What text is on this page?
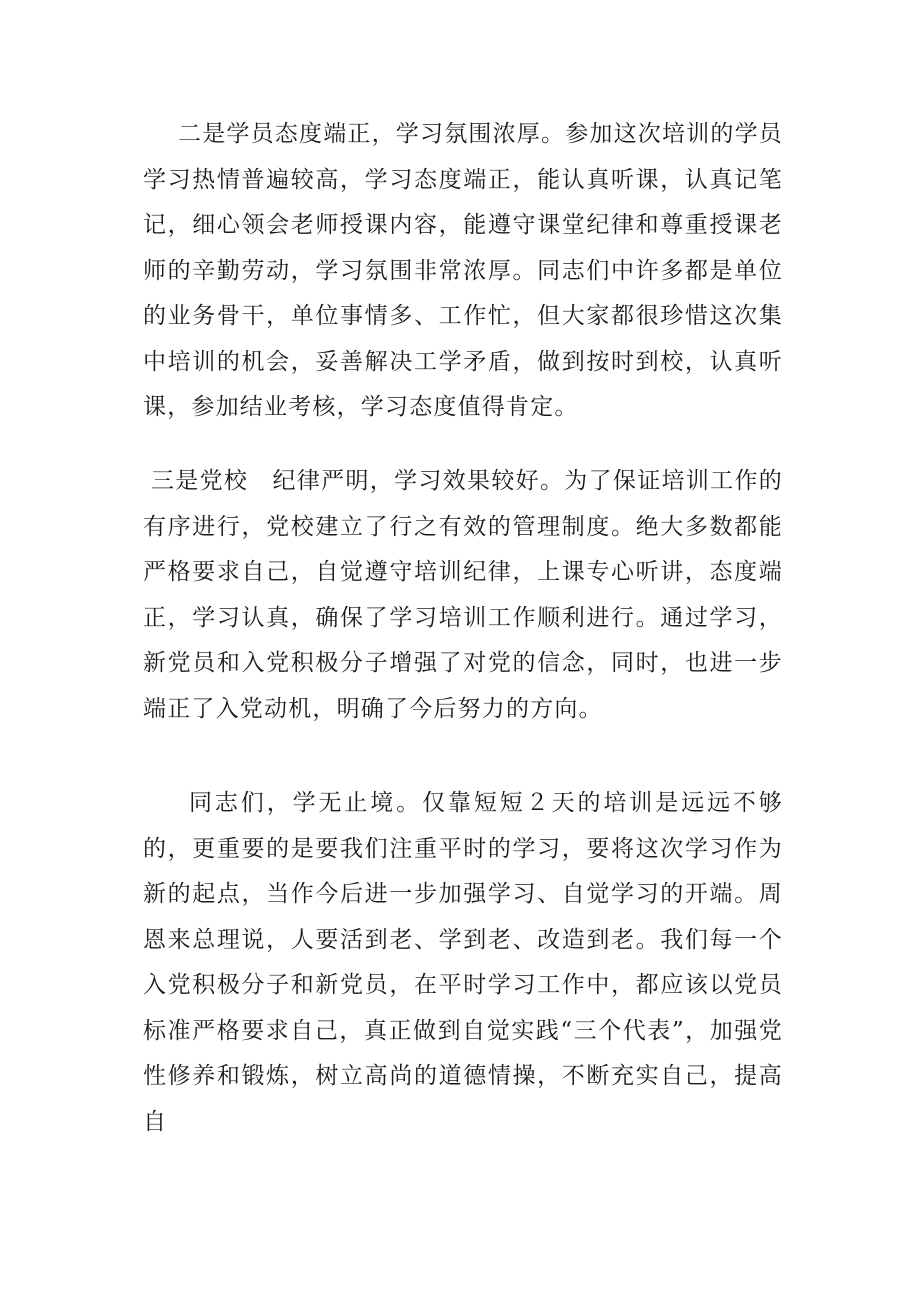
二是学员态度端正，学习氛围浓厚。参加这次培训的学员学习热情普遍较高，学习态度端正，能认真听课，认真记笔记，细心领会老师授课内容，能遵守课堂纪律和尊重授课老师的辛勤劳动，学习氛围非常浓厚。同志们中许多都是单位的业务骨干，单位事情多、工作忙，但大家都很珍惜这次集中培训的机会，妥善解决工学矛盾，做到按时到校，认真听课，参加结业考核，学习态度值得肯定。

三是党校　纪律严明，学习效果较好。为了保证培训工作的有序进行，党校建立了行之有效的管理制度。绝大多数都能严格要求自己，自觉遵守培训纪律，上课专心听讲，态度端正，学习认真，确保了学习培训工作顺利进行。通过学习，新党员和入党积极分子增强了对党的信念，同时，也进一步端正了入党动机，明确了今后努力的方向。

同志们，学无止境。仅靠短短２天的培训是远远不够的，更重要的是要我们注重平时的学习，要将这次学习作为新的起点，当作今后进一步加强学习、自觉学习的开端。周恩来总理说，人要活到老、学到老、改造到老。我们每一个入党积极分子和新党员，在平时学习工作中，都应该以党员标准严格要求自己，真正做到自觉实践“三个代表”，加强党性修养和锻炼，树立高尚的道德情操，不断充实自己，提高自
